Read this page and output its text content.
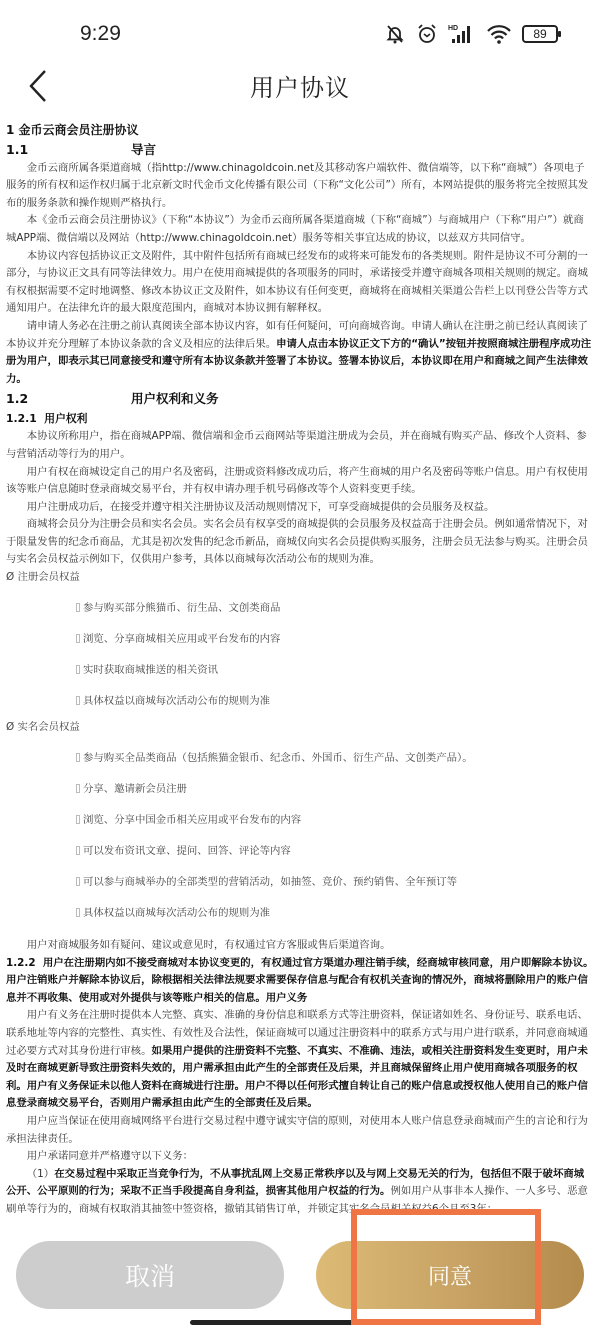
9:29	HD	89
用户协议

1 金币云商会员注册协议

1.1	导言

金币云商所属各渠道商城（指http://www.chinagoldcoin.net及其移动客户端软件、微信端等，以下称“商城”）各项电子服务的所有权和运作权归属于北京新文时代金币文化传播有限公司（下称“文化公司”）所有，本网站提供的服务将完全按照其发布的服务条款和操作规则严格执行。

本《金币云商会员注册协议》（下称“本协议”）为金币云商所属各渠道商城（下称“商城”）与商城用户（下称“用户”）就商城APP端、微信端以及网站（http://www.chinagoldcoin.net）服务等相关事宜达成的协议，以兹双方共同信守。

本协议内容包括协议正文及附件，其中附件包括所有商城已经发布的或将来可能发布的各类规则。附件是协议不可分割的一部分，与协议正文具有同等法律效力。用户在使用商城提供的各项服务的同时，承诺接受并遵守商城各项相关规则的规定。商城有权根据需要不定时地调整、修改本协议正文及附件，如本协议有任何变更，商城将在商城相关渠道公告栏上以刊登公告等方式通知用户。在法律允许的最大限度范围内，商城对本协议拥有解释权。

请申请人务必在注册之前认真阅读全部本协议内容，如有任何疑问，可向商城咨询。申请人确认在注册之前已经认真阅读了本协议并充分理解了本协议条款的含义及相应的法律后果。申请人点击本协议正文下方的“确认”按钮并按照商城注册程序成功注册为用户，即表示其已同意接受和遵守所有本协议条款并签署了本协议。签署本协议后，本协议即在用户和商城之间产生法律效力。

1.2	用户权利和义务
1.2.1
用户权利

本协议所称用户，指在商城APP端、微信端和金币云商网站等渠道注册成为会员，并在商城有购买产品、修改个人资料、参与营销活动等行为的用户。

用户有权在商城设定自己的用户名及密码，注册或资料修改成功后，将产生商城的用户名及密码等账户信息。用户有权使用该等账户信息随时登录商城交易平台，并有权申请办理手机号码修改等个人资料变更手续。

用户注册成功后，在接受并遵守相关注册协议及活动规则情况下，可享受商城提供的会员服务及权益。

商城将会员分为注册会员和实名会员。实名会员有权享受的商城提供的会员服务及权益高于注册会员。例如通常情况下，对于限量发售的纪念币商品，尤其是初次发售的纪念币新品，商城仅向实名会员提供购买服务，注册会员无法参与购买。注册会员与实名会员权益示例如下，仅供用户参考，具体以商城每次活动公布的规则为准。

Ø 注册会员权益

参与购买部分熊猫币、衍生品、文创类商品
浏览、分享商城相关应用或平台发布的内容
实时获取商城推送的相关资讯
具体权益以商城每次活动公布的规则为准

Ø 实名会员权益

参与购买全品类商品（包括熊猫金银币、纪念币、外国币、衍生产品、文创类产品）。
分享、邀请新会员注册
浏览、分享中国金币相关应用或平台发布的内容
可以发布资讯文章、提问、回答、评论等内容
可以参与商城举办的全部类型的营销活动，如抽签、竞价、预约销售、全年预订等
具体权益以商城每次活动公布的规则为准

用户对商城服务如有疑问、建议或意见时，有权通过官方客服或售后渠道咨询。

1.2.2 用户在注册期内如不接受商城对本协议变更的，有权通过官方渠道办理注销手续，经商城审核同意，用户即解除本协议。用户注销账户并解除本协议后，除根据相关法律法规要求需要保存信息与配合有权机关查询的情况外，商城将删除用户的账户信息并不再收集、使用或对外提供与该等账户相关的信息。用户义务

用户有义务在注册时提供本人完整、真实、准确的身份信息和联系方式等注册资料，保证诸如姓名、身份证号、联系电话、联系地址等内容的完整性、真实性、有效性及合法性，保证商城可以通过注册资料中的联系方式与用户进行联系，并同意商城通过必要方式对其身份进行审核。如果用户提供的注册资料不完整、不真实、不准确、违法，或相关注册资料发生变更时，用户未及时在商城更新导致注册资料失效的，用户需承担由此产生的全部责任及后果，并且商城保留终止用户使用商城各项服务的权利。用户有义务保证未以他人资料在商城进行注册。用户不得以任何形式擅自转让自己的账户信息或授权他人使用自己的账户信息登录商城交易平台，否则用户需承担由此产生的全部责任及后果。

用户应当保证在使用商城网络平台进行交易过程中遵守诚实守信的原则，对使用本人账户信息登录商城而产生的言论和行为承担法律责任。

用户承诺同意并严格遵守以下义务：

（1）在交易过程中采取正当竞争行为，不从事扰乱网上交易正常秩序以及与网上交易无关的行为，包括但不限于破坏商城公开、公平原则的行为；采取不正当手段提高自身利益，损害其他用户权益的行为。例如用户从事非本人操作、一人多号、恶意刷单等行为的，商城有权取消其抽签中签资格，撤销其销售订单，并锁定其实名会员相关权益6个月至3年；

取消	同意
